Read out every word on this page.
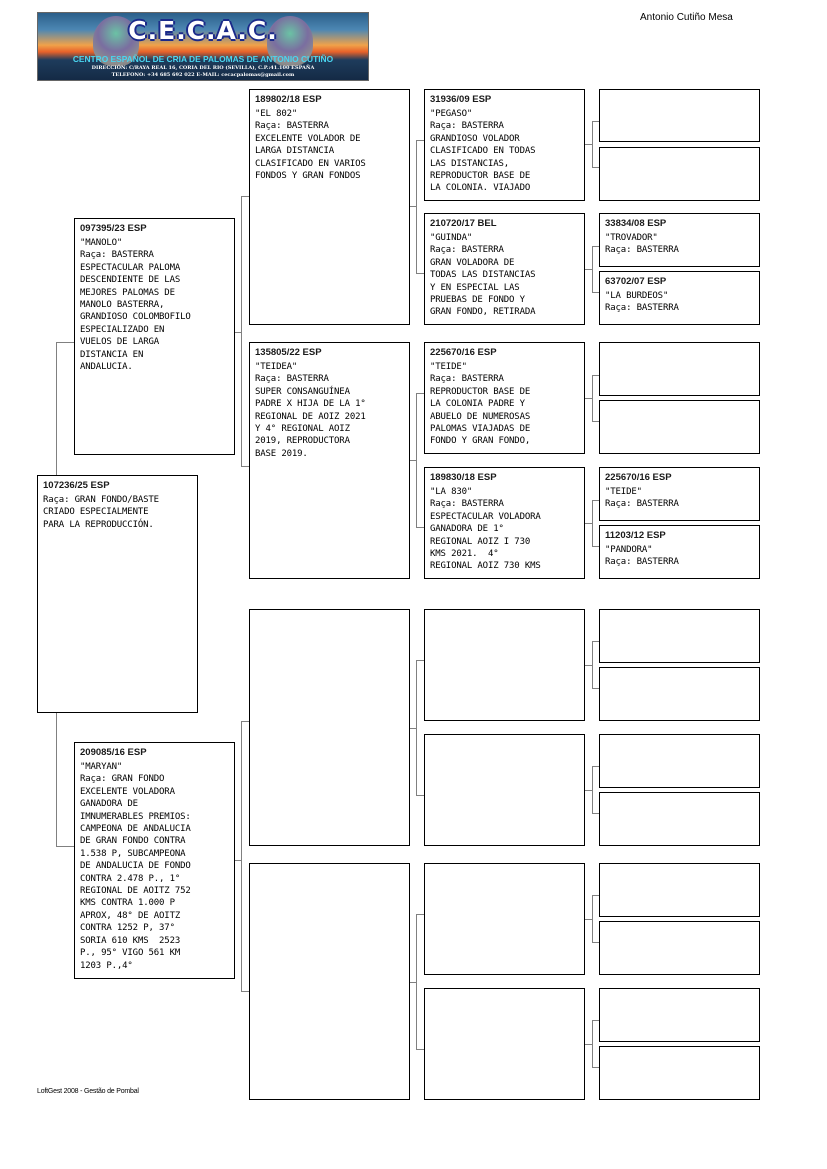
C.E.C.A.C.
CENTRO ESPAÑOL DE CRIA DE PALOMAS DE ANTONIO CUTIÑO
DIRECCIÓN: C/RAYA REAL 16, CORIA DEL RIO (SEVILLA), C.P.:41.100 ESPAÑA
TELEFONO: +34 685 692 022 E-MAIL: cecacpalomas@gmail.com
Antonio Cutiño Mesa
107236/25 ESP
Raça: GRAN FONDO/BASTE
CRIADO ESPECIALMENTE
PARA LA REPRODUCCIÓN.
097395/23 ESP
"MANOLO"
Raça: BASTERRA
ESPECTACULAR PALOMA
DESCENDIENTE DE LAS
MEJORES PALOMAS DE
MANOLO BASTERRA,
GRANDIOSO COLOMBOFILO
ESPECIALIZADO EN
VUELOS DE LARGA
DISTANCIA EN
ANDALUCIA.
209085/16 ESP
"MARYAN"
Raça: GRAN FONDO
EXCELENTE VOLADORA
GANADORA DE
IMNUMERABLES PREMIOS:
CAMPEONA DE ANDALUCIA
DE GRAN FONDO CONTRA
1.538 P, SUBCAMPEONA
DE ANDALUCIA DE FONDO
CONTRA 2.478 P., 1°
REGIONAL DE AOITZ 752
KMS CONTRA 1.000 P
APROX, 48° DE AOITZ
CONTRA 1252 P, 37°
SORIA 610 KMS  2523
P., 95° VIGO 561 KM
1203 P.,4°
189802/18 ESP
"EL 802"
Raça: BASTERRA
EXCELENTE VOLADOR DE
LARGA DISTANCIA
CLASIFICADO EN VARIOS
FONDOS Y GRAN FONDOS
135805/22 ESP
"TEIDEA"
Raça: BASTERRA
SUPER CONSANGUÍNEA
PADRE X HIJA DE LA 1°
REGIONAL DE AOIZ 2021
Y 4° REGIONAL AOIZ
2019, REPRODUCTORA
BASE 2019.
31936/09 ESP
"PEGASO"
Raça: BASTERRA
GRANDIOSO VOLADOR
CLASIFICADO EN TODAS
LAS DISTANCIAS,
REPRODUCTOR BASE DE
LA COLONIA. VIAJADO
210720/17 BEL
"GUINDA"
Raça: BASTERRA
GRAN VOLADORA DE
TODAS LAS DISTANCIAS
Y EN ESPECIAL LAS
PRUEBAS DE FONDO Y
GRAN FONDO, RETIRADA
225670/16 ESP
"TEIDE"
Raça: BASTERRA
REPRODUCTOR BASE DE
LA COLONIA PADRE Y
ABUELO DE NUMEROSAS
PALOMAS VIAJADAS DE
FONDO Y GRAN FONDO,
189830/18 ESP
"LA 830"
Raça: BASTERRA
ESPECTACULAR VOLADORA
GANADORA DE 1°
REGIONAL AOIZ I 730
KMS 2021.  4°
REGIONAL AOIZ 730 KMS
33834/08 ESP
"TROVADOR"
Raça: BASTERRA
63702/07 ESP
"LA BURDEOS"
Raça: BASTERRA
225670/16 ESP
"TEIDE"
Raça: BASTERRA
11203/12 ESP
"PANDORA"
Raça: BASTERRA
LoftGest 2008 - Gestão de Pombal
